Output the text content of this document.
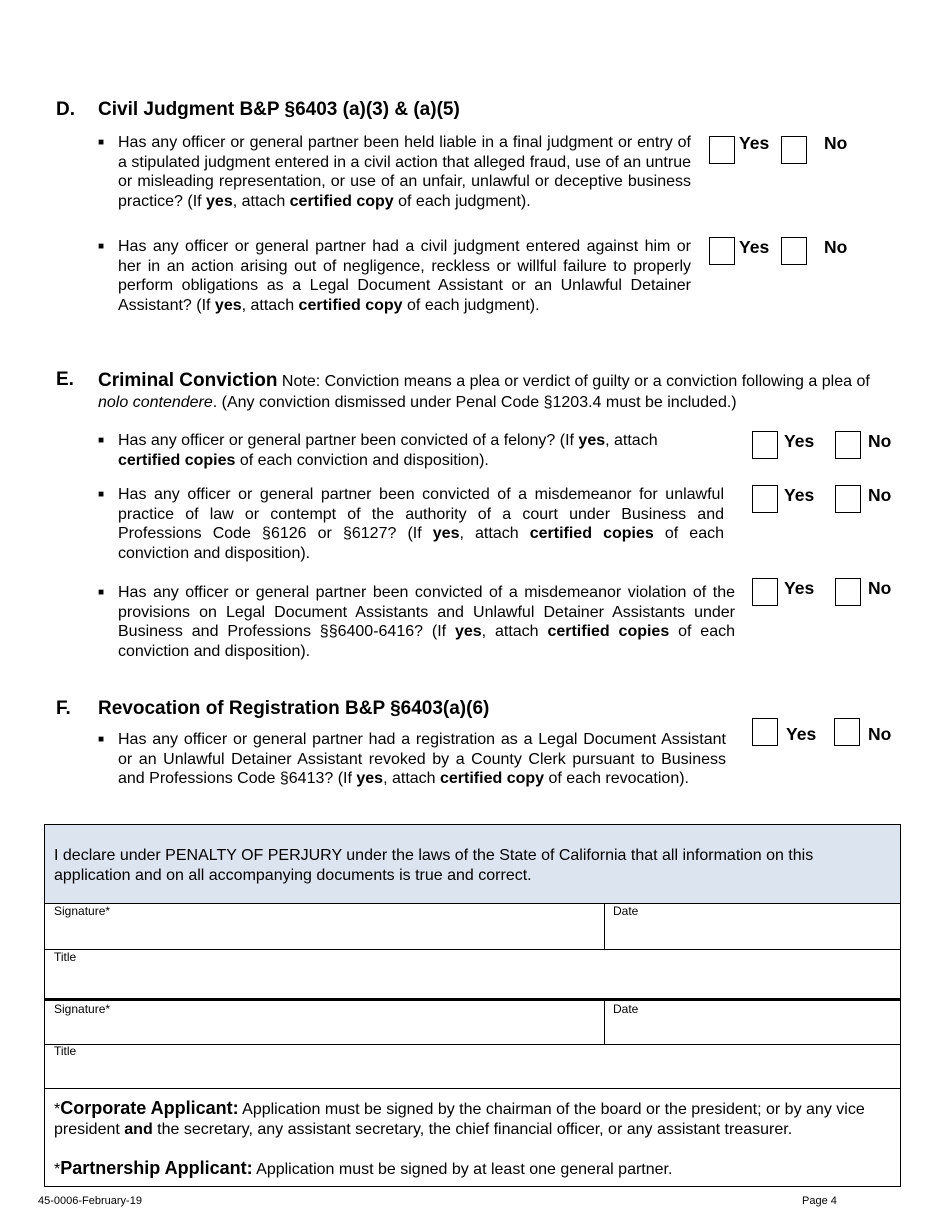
D. Civil Judgment B&P §6403 (a)(3) & (a)(5)
■ Has any officer or general partner been held liable in a final judgment or entry of a stipulated judgment entered in a civil action that alleged fraud, use of an untrue or misleading representation, or use of an unfair, unlawful or deceptive business practice? (If yes, attach certified copy of each judgment).
Yes	No
■ Has any officer or general partner had a civil judgment entered against him or her in an action arising out of negligence, reckless or willful failure to properly perform obligations as a Legal Document Assistant or an Unlawful Detainer Assistant? (If yes, attach certified copy of each judgment).
Yes	No
E. Criminal Conviction Note: Conviction means a plea or verdict of guilty or a conviction following a plea of nolo contendere. (Any conviction dismissed under Penal Code §1203.4 must be included.)
■ Has any officer or general partner been convicted of a felony? (If yes, attach certified copies of each conviction and disposition).
Yes	No
■ Has any officer or general partner been convicted of a misdemeanor for unlawful practice of law or contempt of the authority of a court under Business and Professions Code §6126 or §6127? (If yes, attach certified copies of each conviction and disposition).
Yes	No
■ Has any officer or general partner been convicted of a misdemeanor violation of the provisions on Legal Document Assistants and Unlawful Detainer Assistants under Business and Professions §§6400-6416? (If yes, attach certified copies of each conviction and disposition).
Yes	No
F. Revocation of Registration B&P §6403(a)(6)
■ Has any officer or general partner had a registration as a Legal Document Assistant or an Unlawful Detainer Assistant revoked by a County Clerk pursuant to Business and Professions Code §6413? (If yes, attach certified copy of each revocation).
Yes	No
I declare under PENALTY OF PERJURY under the laws of the State of California that all information on this application and on all accompanying documents is true and correct.
Signature*	Date
Title
Signature*	Date
Title
*Corporate Applicant: Application must be signed by the chairman of the board or the president; or by any vice president and the secretary, any assistant secretary, the chief financial officer, or any assistant treasurer.
*Partnership Applicant: Application must be signed by at least one general partner.
45-0006-February-19	Page 4
